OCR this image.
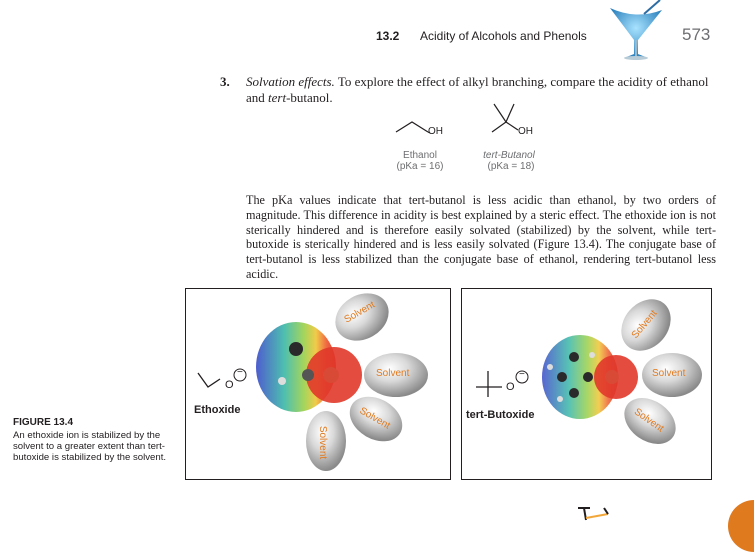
13.2 Acidity of Alcohols and Phenols	573
3. Solvation effects. To explore the effect of alkyl branching, compare the acidity of ethanol and tert-butanol.
OH
Ethanol
(pKa = 16)
OH
tert-Butanol
(pKa = 18)
The pKa values indicate that tert-butanol is less acidic than ethanol, by two orders of magnitude. This difference in acidity is best explained by a steric effect. The ethoxide ion is not sterically hindered and is therefore easily solvated (stabilized) by the solvent, while tert-butoxide is sterically hindered and is less easily solvated (Figure 13.4). The conjugate base of tert-butanol is less stabilized than the conjugate base of ethanol, rendering tert-butanol less acidic.
O
−
Ethoxide
Solvent
Solvent
Solvent
Solvent
O
−
tert-Butoxide
Solvent
Solvent
Solvent
FIGURE 13.4
An ethoxide ion is stabilized by the solvent to a greater extent than tert-butoxide is stabilized by the solvent.
